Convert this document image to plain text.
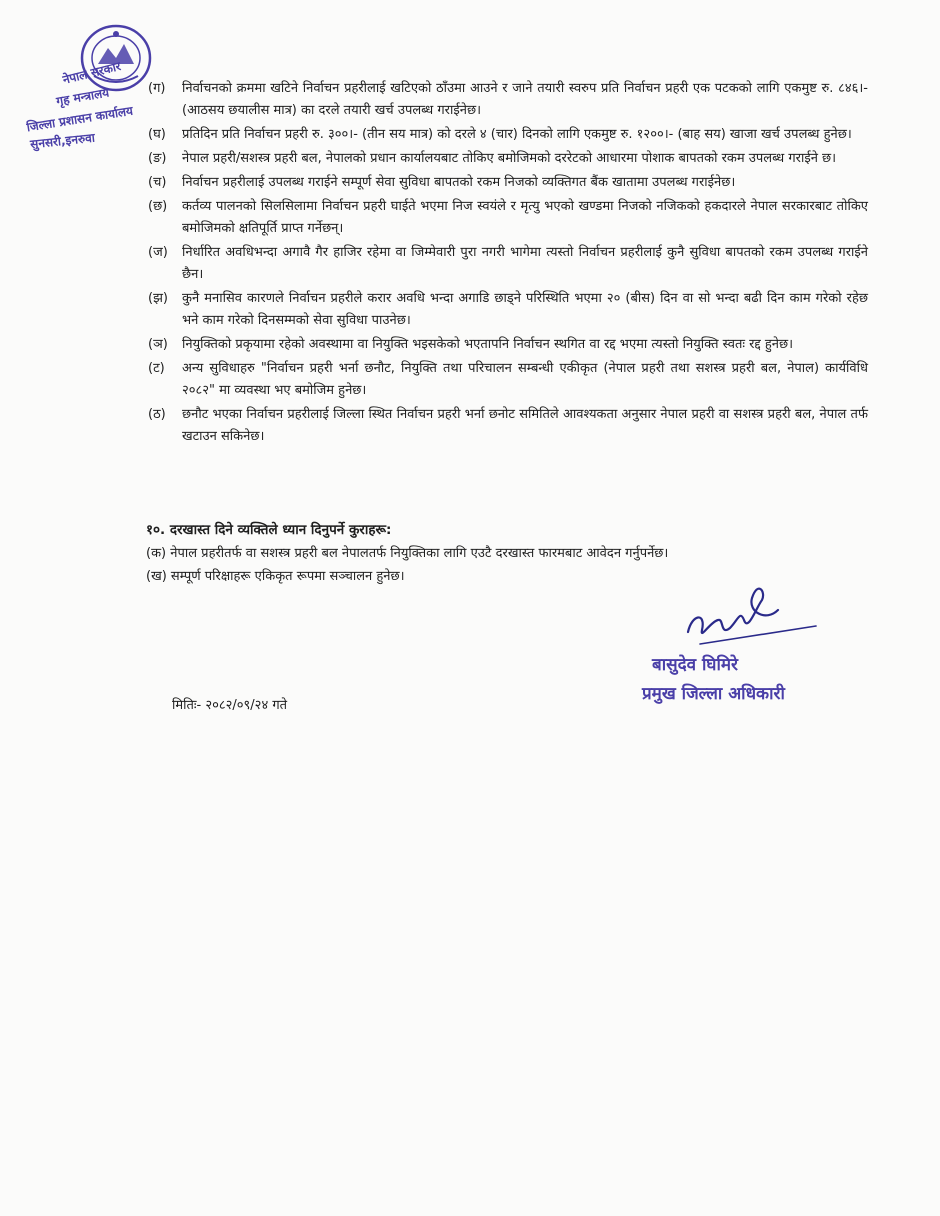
नेपाल सरकार
गृह मन्त्रालय
जिल्ला प्रशासन कार्यालय
सुनसरी,इनरुवा
(ग)	निर्वाचनको क्रममा खटिने निर्वाचन प्रहरीलाई खटिएको ठाँउमा आउने र जाने तयारी स्वरुप प्रति निर्वाचन प्रहरी एक पटकको लागि एकमुष्ट रु. ८४६।- (आठसय छयालीस मात्र) का दरले तयारी खर्च उपलब्ध गराईनेछ।
(घ)	प्रतिदिन प्रति निर्वाचन प्रहरी रु. ३००।- (तीन सय मात्र) को दरले ४ (चार) दिनको लागि एकमुष्ट रु. १२००।- (बाह सय) खाजा खर्च उपलब्ध हुनेछ।
(ङ)	नेपाल प्रहरी/सशस्त्र प्रहरी बल, नेपालको प्रधान कार्यालयबाट तोकिए बमोजिमको दररेटको आधारमा पोशाक बापतको रकम उपलब्ध गराईने छ।
(च)	निर्वाचन प्रहरीलाई उपलब्ध गराईने सम्पूर्ण सेवा सुविधा बापतको रकम निजको व्यक्तिगत बैंक खातामा उपलब्ध गराईनेछ।
(छ)	कर्तव्य पालनको सिलसिलामा निर्वाचन प्रहरी घाईते भएमा निज स्वयंले र मृत्यु भएको खण्डमा निजको नजिकको हकदारले नेपाल सरकारबाट तोकिए बमोजिमको क्षतिपूर्ति प्राप्त गर्नेछन्।
(ज)	निर्धारित अवधिभन्दा अगावै गैर हाजिर रहेमा वा जिम्मेवारी पुरा नगरी भागेमा त्यस्तो निर्वाचन प्रहरीलाई कुनै सुविधा बापतको रकम उपलब्ध गराईने छैन।
(झ)	कुनै मनासिव कारणले निर्वाचन प्रहरीले करार अवधि भन्दा अगाडि छाड्ने परिस्थिति भएमा २० (बीस) दिन वा सो भन्दा बढी दिन काम गरेको रहेछ भने काम गरेको दिनसम्मको सेवा सुविधा पाउनेछ।
(ञ)	नियुक्तिको प्रकृयामा रहेको अवस्थामा वा नियुक्ति भइसकेको भएतापनि निर्वाचन स्थगित वा रद्द भएमा त्यस्तो नियुक्ति स्वतः रद्द हुनेछ।
(ट)	अन्य सुविधाहरु "निर्वाचन प्रहरी भर्ना छनौट, नियुक्ति तथा परिचालन सम्बन्धी एकीकृत (नेपाल प्रहरी तथा सशस्त्र प्रहरी बल, नेपाल) कार्यविधि २०८२" मा व्यवस्था भए बमोजिम हुनेछ।
(ठ)	छनौट भएका निर्वाचन प्रहरीलाई जिल्ला स्थित निर्वाचन प्रहरी भर्ना छनोट समितिले आवश्यकता अनुसार नेपाल प्रहरी वा सशस्त्र प्रहरी बल, नेपाल तर्फ खटाउन सकिनेछ।
१०. दरखास्त दिने व्यक्तिले ध्यान दिनुपर्ने कुराहरू:
(क) नेपाल प्रहरीतर्फ वा सशस्त्र प्रहरी बल नेपालतर्फ नियुक्तिका लागि एउटै दरखास्त फारमबाट आवेदन गर्नुपर्नेछ।
(ख) सम्पूर्ण परिक्षाहरू एकिकृत रूपमा सञ्चालन हुनेछ।
बासुदेव घिमिरे
प्रमुख जिल्ला अधिकारी
मितिः- २०८२/०९/२४ गते
